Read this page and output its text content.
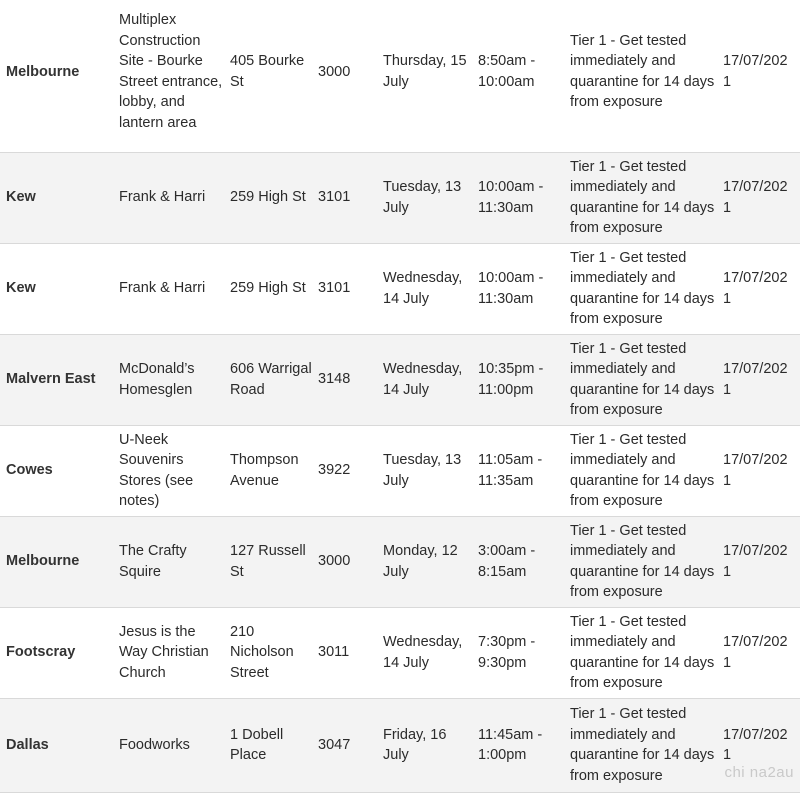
Melbourne	Multiplex Construction Site - Bourke Street entrance, lobby, and lantern area	405 Bourke St	3000	Thursday, 15 July	8:50am - 10:00am	Tier 1 - Get tested immediately and quarantine for 14 days from exposure	17/07/2021
Kew	Frank & Harri	259 High St	3101	Tuesday, 13 July	10:00am - 11:30am	Tier 1 - Get tested immediately and quarantine for 14 days from exposure	17/07/2021
Kew	Frank & Harri	259 High St	3101	Wednesday, 14 July	10:00am - 11:30am	Tier 1 - Get tested immediately and quarantine for 14 days from exposure	17/07/2021
Malvern East	McDonald’s Homesglen	606 Warrigal Road	3148	Wednesday, 14 July	10:35pm - 11:00pm	Tier 1 - Get tested immediately and quarantine for 14 days from exposure	17/07/2021
Cowes	U-Neek Souvenirs Stores (see notes)	Thompson Avenue	3922	Tuesday, 13 July	11:05am - 11:35am	Tier 1 - Get tested immediately and quarantine for 14 days from exposure	17/07/2021
Melbourne	The Crafty Squire	127 Russell St	3000	Monday, 12 July	3:00am - 8:15am	Tier 1 - Get tested immediately and quarantine for 14 days from exposure	17/07/2021
Footscray	Jesus is the Way Christian Church	210 Nicholson Street	3011	Wednesday, 14 July	7:30pm - 9:30pm	Tier 1 - Get tested immediately and quarantine for 14 days from exposure	17/07/2021
Dallas	Foodworks	1 Dobell Place	3047	Friday, 16 July	11:45am - 1:00pm	Tier 1 - Get tested immediately and quarantine for 14 days from exposure	17/07/2021
chi na2au
